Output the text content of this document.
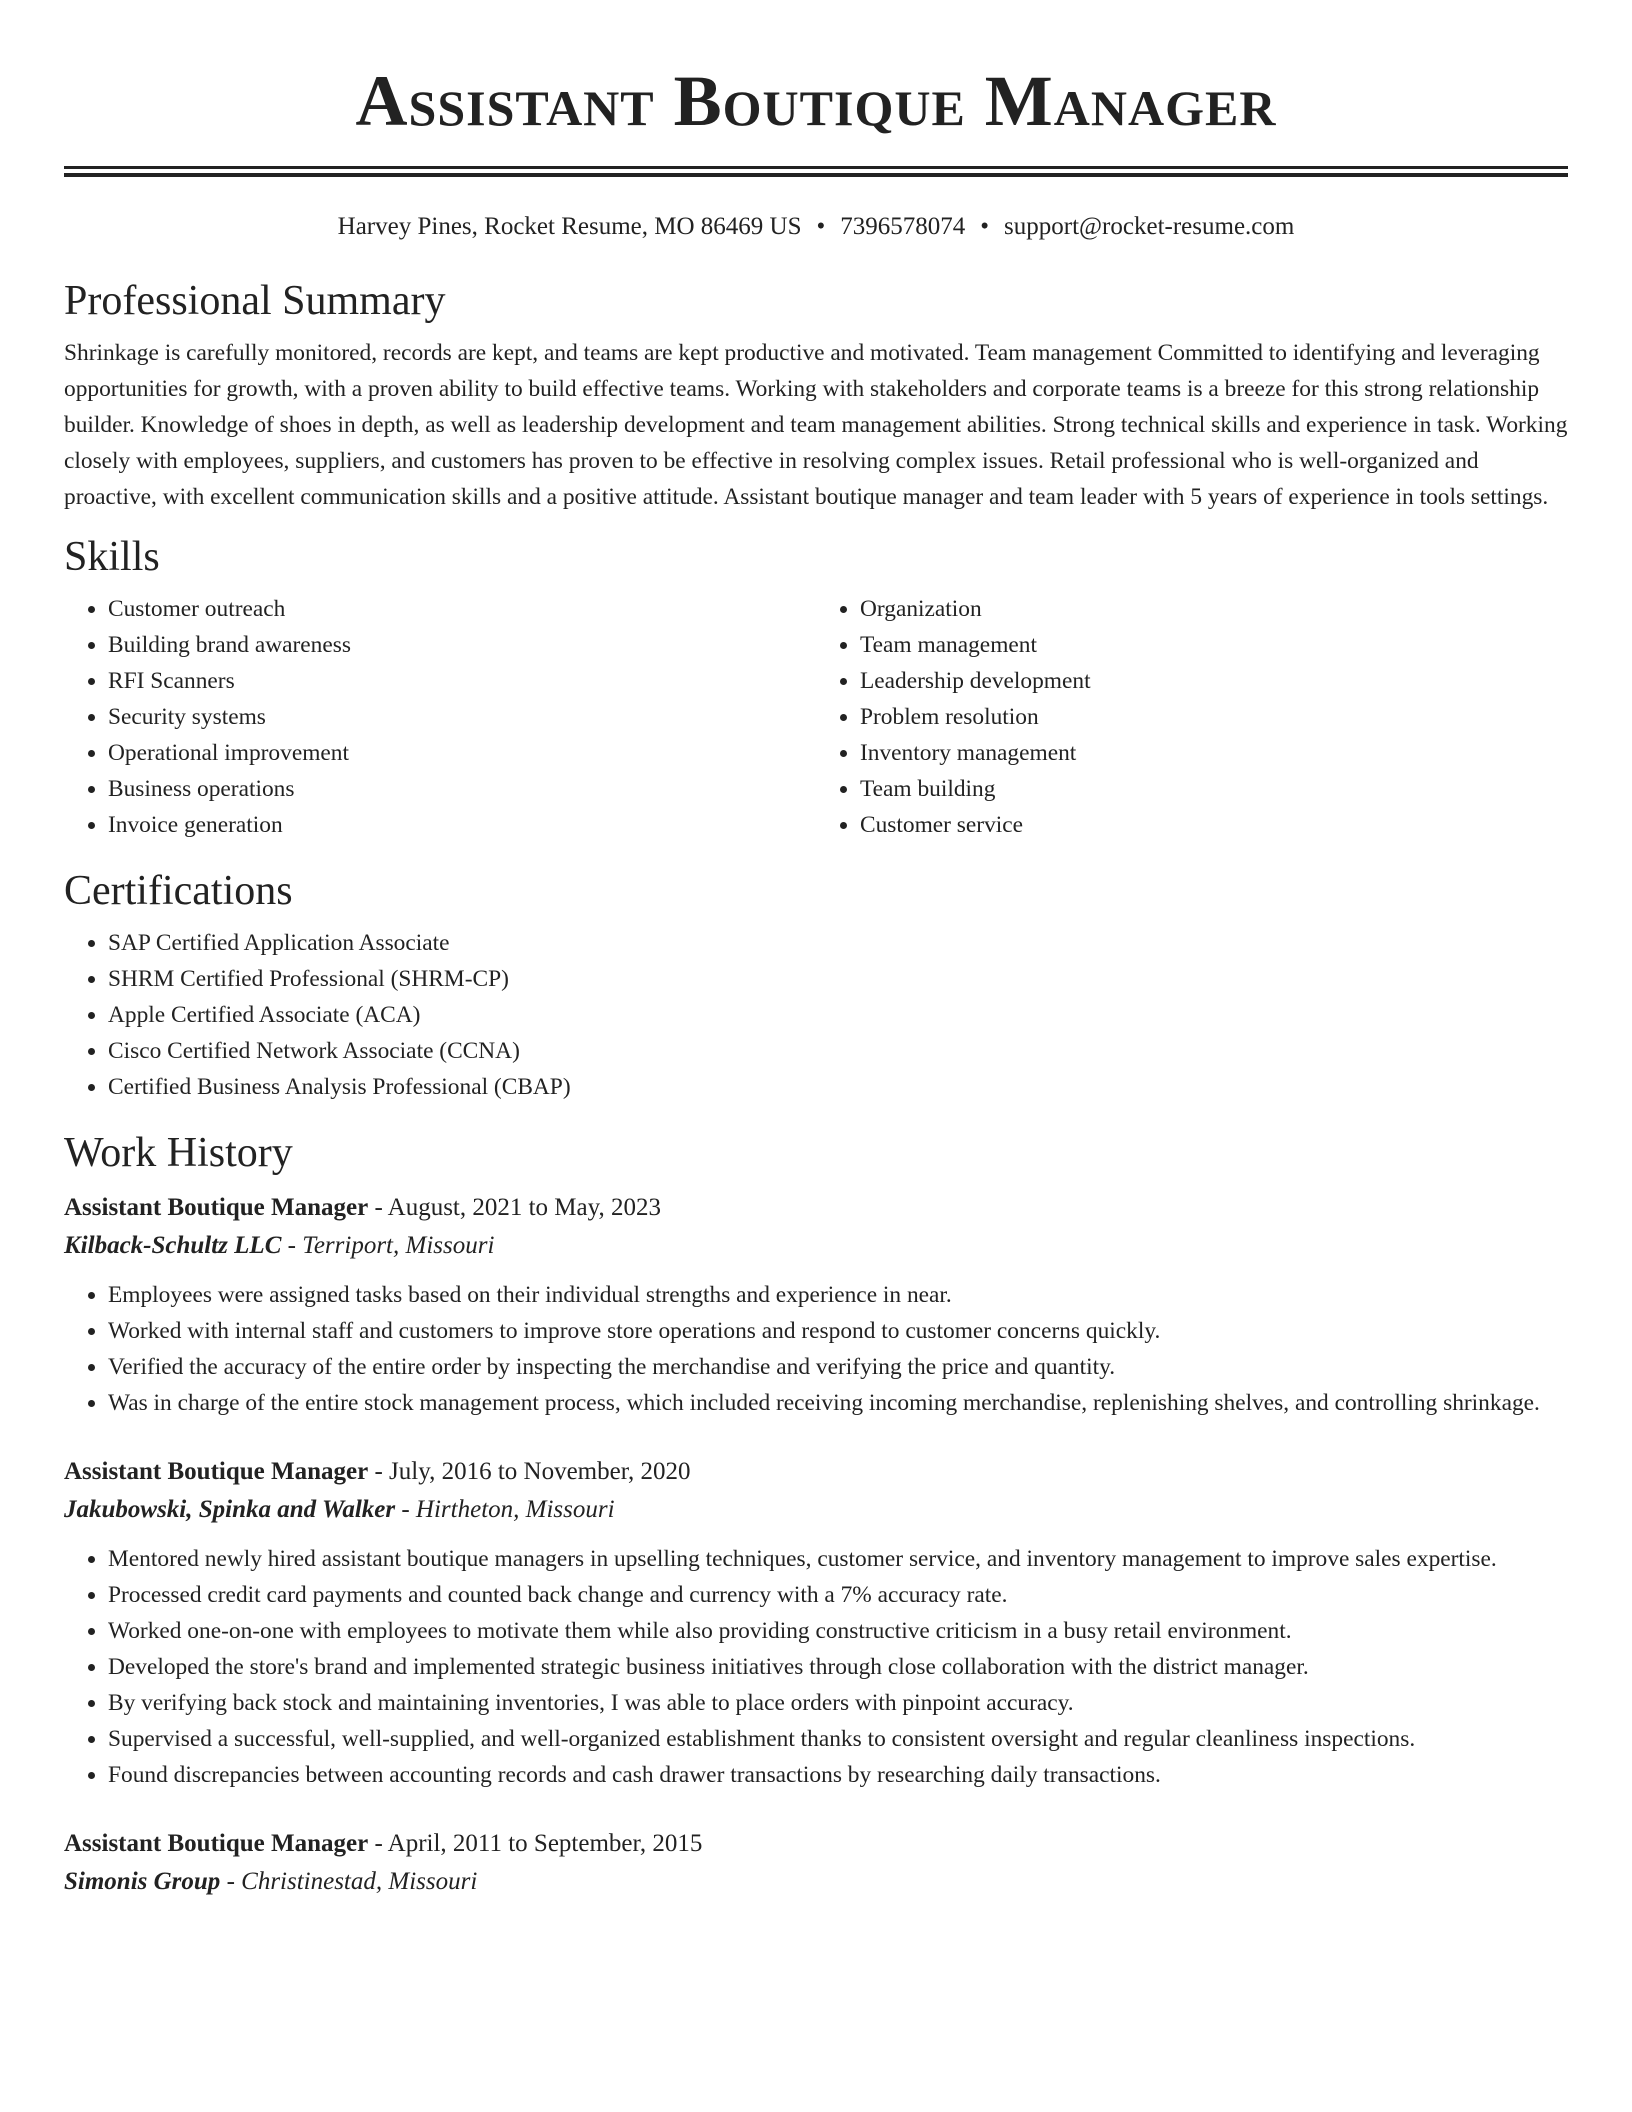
Assistant Boutique Manager
Harvey Pines, Rocket Resume, MO 86469 US • 7396578074 • support@rocket-resume.com
Professional Summary

Shrinkage is carefully monitored, records are kept, and teams are kept productive and motivated. Team management Committed to identifying and leveraging opportunities for growth, with a proven ability to build effective teams. Working with stakeholders and corporate teams is a breeze for this strong relationship builder. Knowledge of shoes in depth, as well as leadership development and team management abilities. Strong technical skills and experience in task. Working closely with employees, suppliers, and customers has proven to be effective in resolving complex issues. Retail professional who is well-organized and proactive, with excellent communication skills and a positive attitude. Assistant boutique manager and team leader with 5 years of experience in tools settings.

Skills
• Customer outreach
• Building brand awareness
• RFI Scanners
• Security systems
• Operational improvement
• Business operations
• Invoice generation
• Organization
• Team management
• Leadership development
• Problem resolution
• Inventory management
• Team building
• Customer service
Certifications
• SAP Certified Application Associate
• SHRM Certified Professional (SHRM-CP)
• Apple Certified Associate (ACA)
• Cisco Certified Network Associate (CCNA)
• Certified Business Analysis Professional (CBAP)
Work History

Assistant Boutique Manager - August, 2021 to May, 2023

Kilback-Schultz LLC - Terriport, Missouri

• Employees were assigned tasks based on their individual strengths and experience in near.
• Worked with internal staff and customers to improve store operations and respond to customer concerns quickly.
• Verified the accuracy of the entire order by inspecting the merchandise and verifying the price and quantity.
• Was in charge of the entire stock management process, which included receiving incoming merchandise, replenishing shelves, and controlling shrinkage.

Assistant Boutique Manager - July, 2016 to November, 2020

Jakubowski, Spinka and Walker - Hirtheton, Missouri

• Mentored newly hired assistant boutique managers in upselling techniques, customer service, and inventory management to improve sales expertise.
• Processed credit card payments and counted back change and currency with a 7% accuracy rate.
• Worked one-on-one with employees to motivate them while also providing constructive criticism in a busy retail environment.
• Developed the store's brand and implemented strategic business initiatives through close collaboration with the district manager.
• By verifying back stock and maintaining inventories, I was able to place orders with pinpoint accuracy.
• Supervised a successful, well-supplied, and well-organized establishment thanks to consistent oversight and regular cleanliness inspections.
• Found discrepancies between accounting records and cash drawer transactions by researching daily transactions.

Assistant Boutique Manager - April, 2011 to September, 2015

Simonis Group - Christinestad, Missouri
